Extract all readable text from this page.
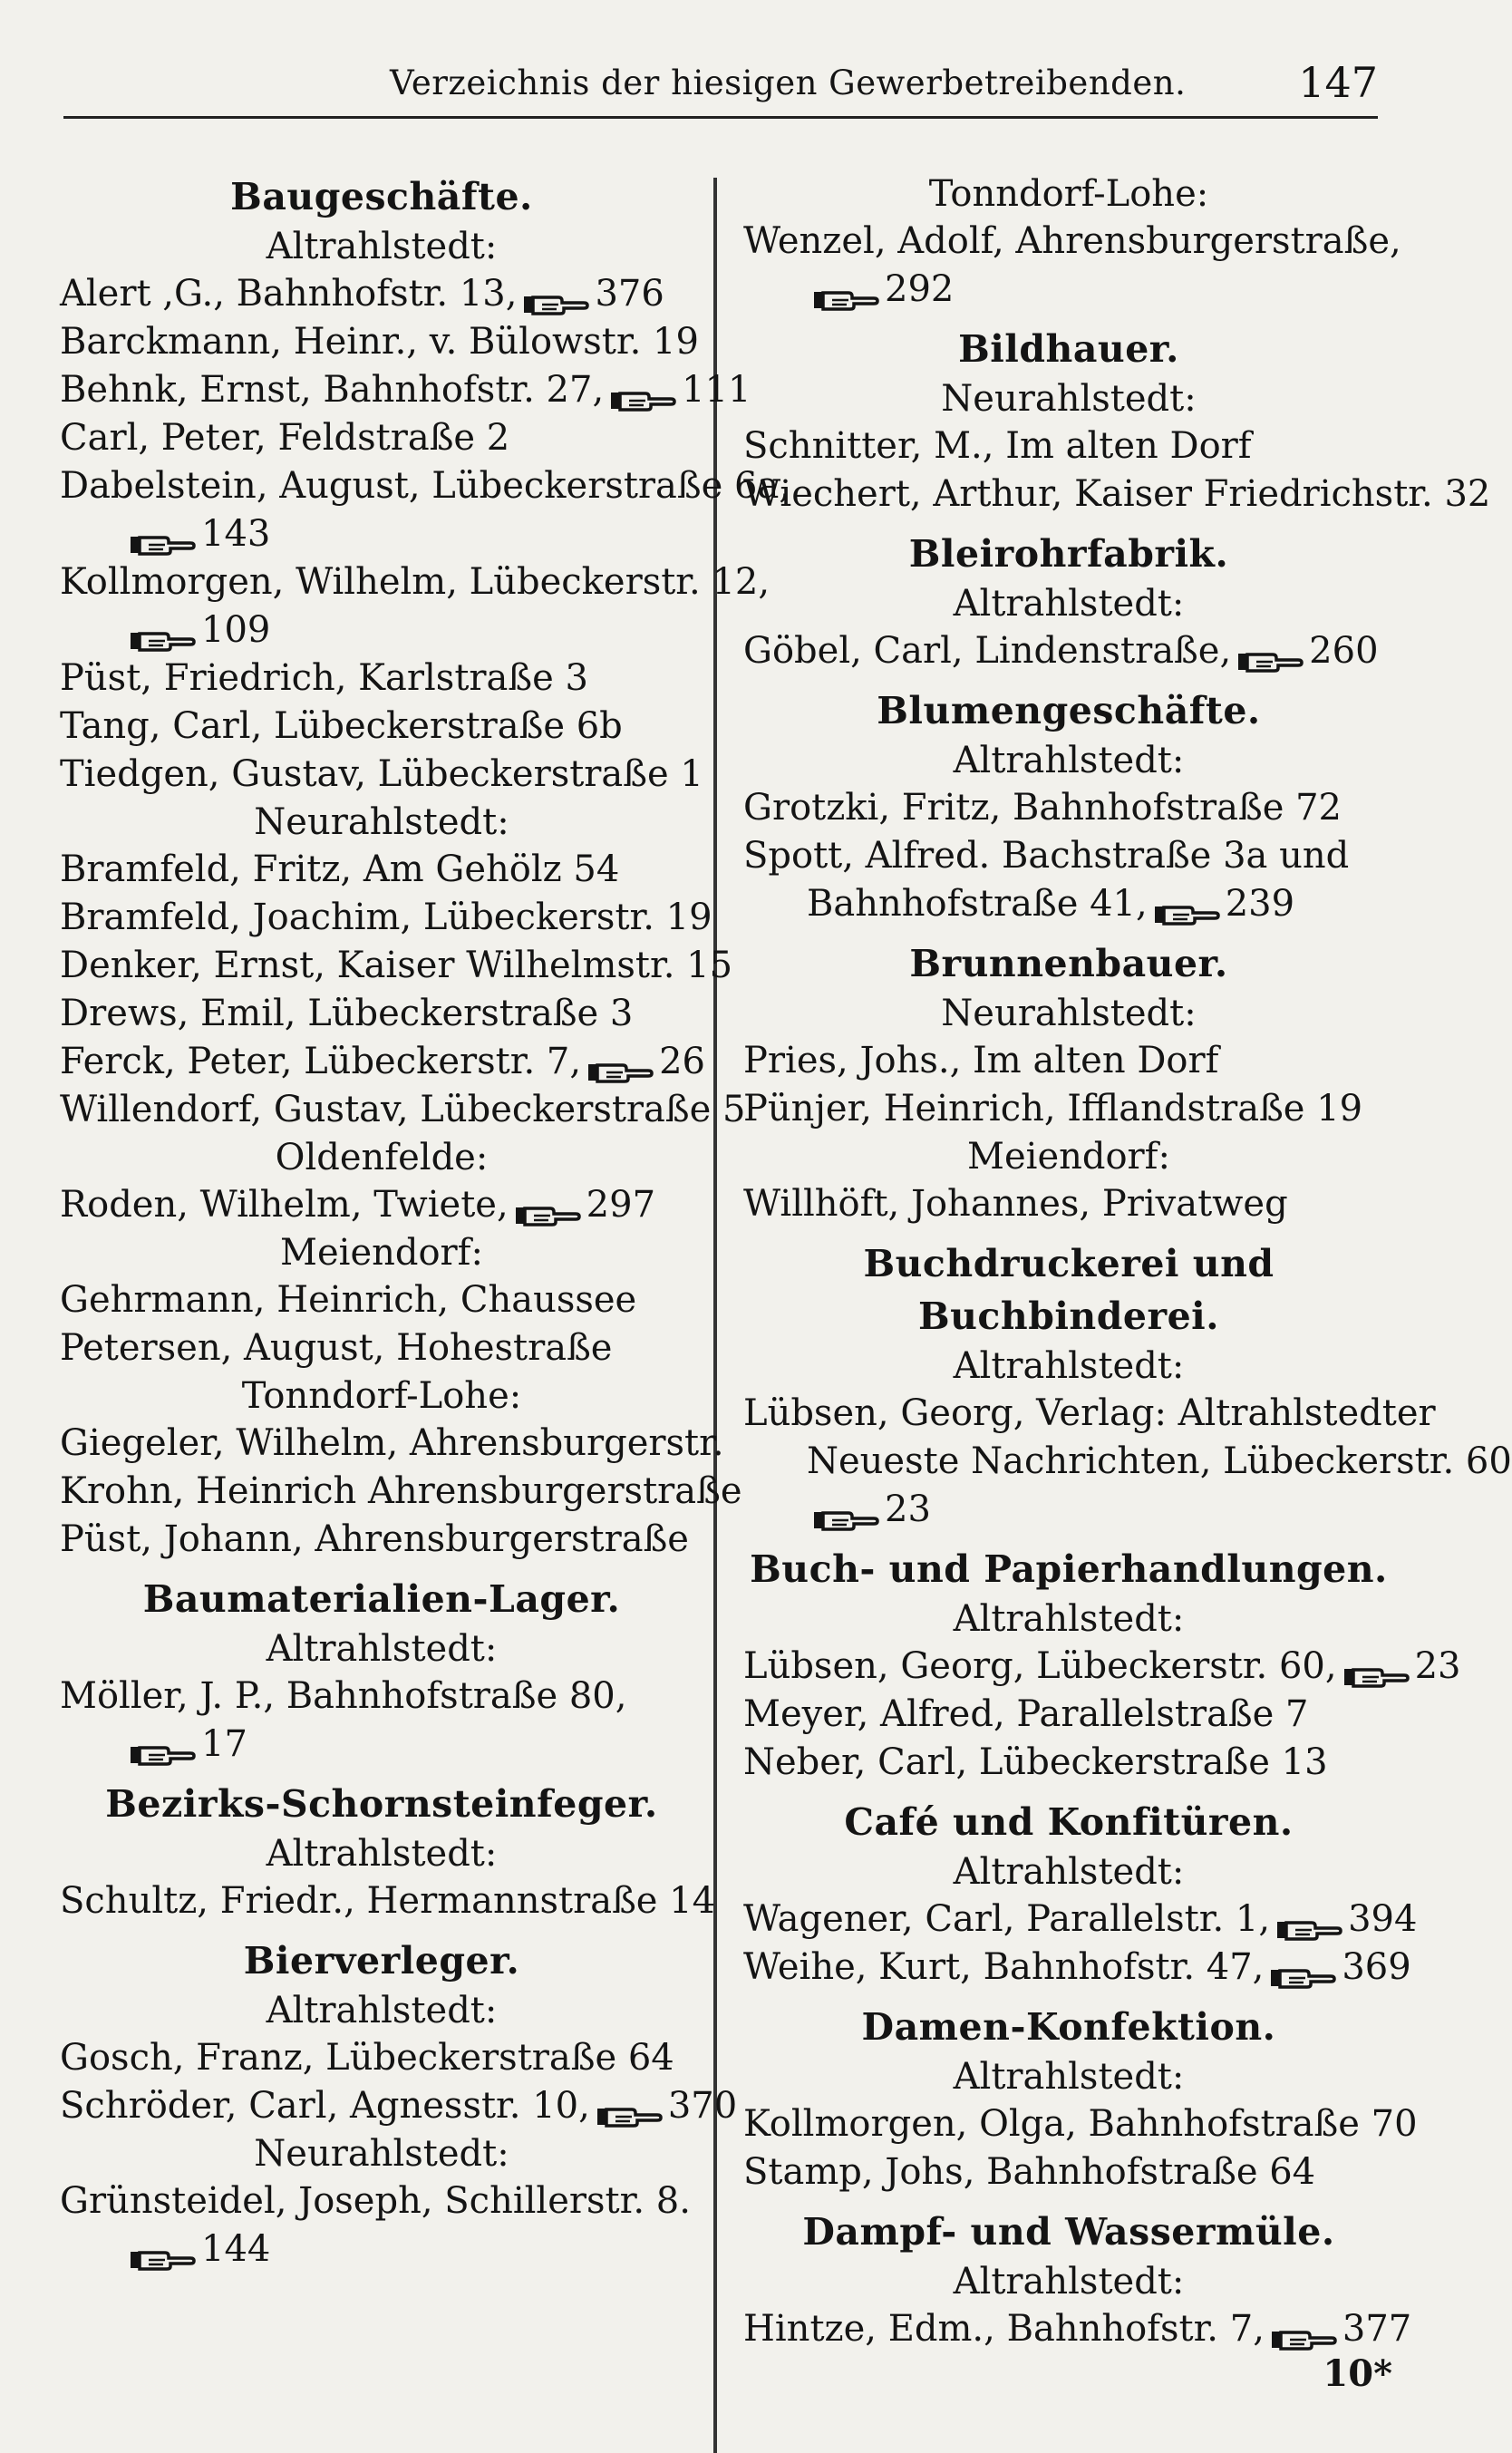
Verzeichnis der hiesigen Gewerbetreibenden.	147
Baugeschäfte.
Altrahlstedt:
Alert ,G., Bahnhofstr. 13, 376
Barckmann, Heinr., v. Bülowstr. 19
Behnk, Ernst, Bahnhofstr. 27, 111
Carl, Peter, Feldstraße 2
Dabelstein, August, Lübeckerstraße 6a,
143
Kollmorgen, Wilhelm, Lübeckerstr. 12,
109
Püst, Friedrich, Karlstraße 3
Tang, Carl, Lübeckerstraße 6b
Tiedgen, Gustav, Lübeckerstraße 1
Neurahlstedt:
Bramfeld, Fritz, Am Gehölz 54
Bramfeld, Joachim, Lübeckerstr. 19
Denker, Ernst, Kaiser Wilhelmstr. 15
Drews, Emil, Lübeckerstraße 3
Ferck, Peter, Lübeckerstr. 7, 26
Willendorf, Gustav, Lübeckerstraße 5
Oldenfelde:
Roden, Wilhelm, Twiete, 297
Meiendorf:
Gehrmann, Heinrich, Chaussee
Petersen, August, Hohestraße
Tonndorf-Lohe:
Giegeler, Wilhelm, Ahrensburgerstr.
Krohn, Heinrich Ahrensburgerstraße
Püst, Johann, Ahrensburgerstraße
Baumaterialien-Lager.
Altrahlstedt:
Möller, J. P., Bahnhofstraße 80,
17
Bezirks-Schornsteinfeger.
Altrahlstedt:
Schultz, Friedr., Hermannstraße 14
Bierverleger.
Altrahlstedt:
Gosch, Franz, Lübeckerstraße 64
Schröder, Carl, Agnesstr. 10, 370
Neurahlstedt:
Grünsteidel, Joseph, Schillerstr. 8.
144
Tonndorf-Lohe:
Wenzel, Adolf, Ahrensburgerstraße,
292
Bildhauer.
Neurahlstedt:
Schnitter, M., Im alten Dorf
Wiechert, Arthur, Kaiser Friedrichstr. 32
Bleirohrfabrik.
Altrahlstedt:
Göbel, Carl, Lindenstraße, 260
Blumengeschäfte.
Altrahlstedt:
Grotzki, Fritz, Bahnhofstraße 72
Spott, Alfred. Bachstraße 3a und
Bahnhofstraße 41, 239
Brunnenbauer.
Neurahlstedt:
Pries, Johs., Im alten Dorf
Pünjer, Heinrich, Ifflandstraße 19
Meiendorf:
Willhöft, Johannes, Privatweg
Buchdruckerei und Buchbinderei.
Altrahlstedt:
Lübsen, Georg, Verlag: Altrahlstedter
Neueste Nachrichten, Lübeckerstr. 60
23
Buch- und Papierhandlungen.
Altrahlstedt:
Lübsen, Georg, Lübeckerstr. 60, 23
Meyer, Alfred, Parallelstraße 7
Neber, Carl, Lübeckerstraße 13
Café und Konfitüren.
Altrahlstedt:
Wagener, Carl, Parallelstr. 1, 394
Weihe, Kurt, Bahnhofstr. 47, 369
Damen-Konfektion.
Altrahlstedt:
Kollmorgen, Olga, Bahnhofstraße 70
Stamp, Johs, Bahnhofstraße 64
Dampf- und Wassermüle.
Altrahlstedt:
Hintze, Edm., Bahnhofstr. 7, 377
10*
